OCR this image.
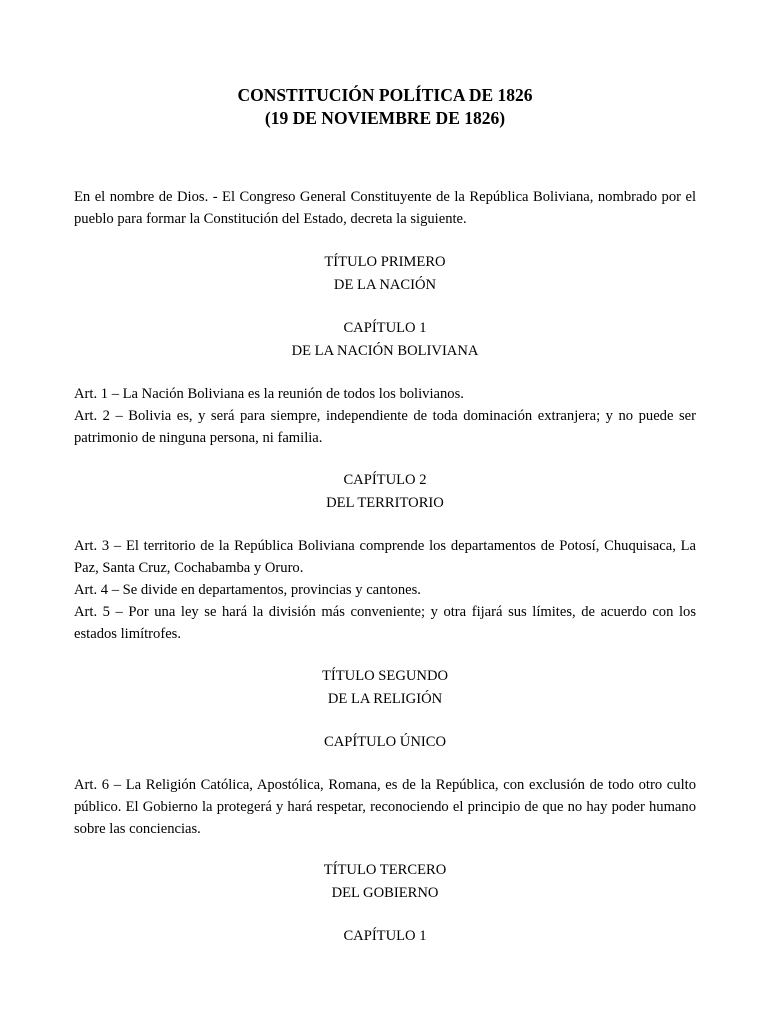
CONSTITUCIÓN POLÍTICA DE 1826
(19 DE NOVIEMBRE DE 1826)

En el nombre de Dios. - El Congreso General Constituyente de la República Boliviana, nombrado por el pueblo para formar la Constitución del Estado, decreta la siguiente.

TÍTULO PRIMERO
DE LA NACIÓN
CAPÍTULO 1
DE LA NACIÓN BOLIVIANA

Art. 1 – La Nación Boliviana es la reunión de todos los bolivianos.

Art. 2 – Bolivia es, y será para siempre, independiente de toda dominación extranjera; y no puede ser patrimonio de ninguna persona, ni familia.

CAPÍTULO 2
DEL TERRITORIO

Art. 3 – El territorio de la República Boliviana comprende los departamentos de Potosí, Chuquisaca, La Paz, Santa Cruz, Cochabamba y Oruro.

Art. 4 – Se divide en departamentos, provincias y cantones.

Art. 5 – Por una ley se hará la división más conveniente; y otra fijará sus límites, de acuerdo con los estados limítrofes.

TÍTULO SEGUNDO
DE LA RELIGIÓN
CAPÍTULO ÚNICO

Art. 6 – La Religión Católica, Apostólica, Romana, es de la República, con exclusión de todo otro culto público. El Gobierno la protegerá y hará respetar, reconociendo el principio de que no hay poder humano sobre las conciencias.

TÍTULO TERCERO
DEL GOBIERNO
CAPÍTULO 1
